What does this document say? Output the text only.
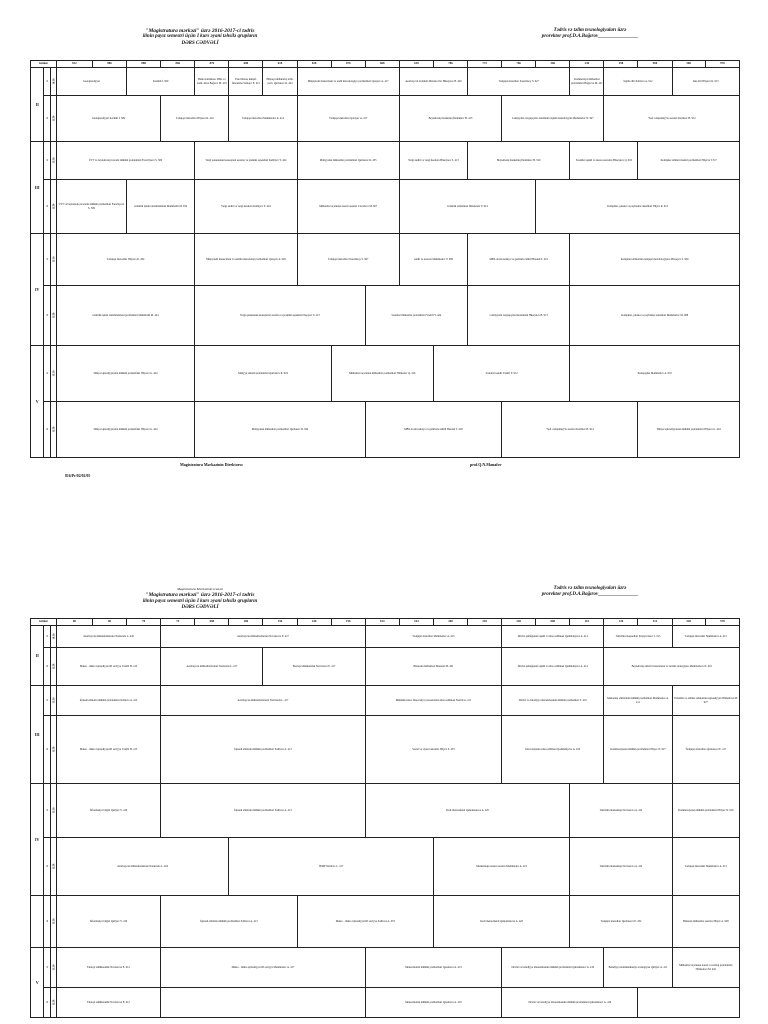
"Magistratura mərkəzi" üzrə 2016-2017-ci tədris
ilinin payız semestri üçün I kurs əyani təhsilə qrupların
DƏRS CƏDVƏLİ
Tədris və təlim texnologiyaları üzrə
prorektor prof.D.A.Bağırov________________
Günlər			812	886	888	866	876	688	618	628	678	668	618	786	772	766	266	230	298	966	568	978
II	1	10.10	Geoiqtisadiyyat		Kərimli İ. 509		Bank statistikası. Biliz və audit. Ahra Bağırov M. 419	Fənd biznes inkişaf. İdarəetmə Sadıqov E. 415	Hüquqi sahibkarlıq arbit. prob. Qurbanov R. 424	Müqayisəli menecment və audit metodologiya problemləri Qarayev A. 417			Azərbaycan tarixinin Muxtarovlar Hüseynov B. 420		Tədqiqat metodları Xəzərlisoy S. 927			Kommersiya mühasibat problemləri Bağırova M. 421	İngilis dili Xəlilova A. 912		Rus dili Əliyeva R. 913	
	2	11.50	Geoiqtisadiyyat Kərimli İ. 509			Tədqiqat metodları Əliyeva R. 419		Tədqiqat metodları Məmmədov A. 414		Tədqiqat metodları Qarayev A. 417			Beynəlxalq marketinq İbrahimov H. 413			Cəmiyyətin vergiqoyma sisteminin təşkili mənsubiyyəti Məmmədov N. 927			"Soft computing"in əsasları Kərimov H. 912			
III	1	13.30	ÜTT və beynəlxalq ticarətin mühüm problemləri Fərəcliyeva S. 509				Vergi qanununun konseptual əsasları və praktiki aspektləri Kəlbiyev Y. 424			Maliyyənin mühasibat problemləri Qurbanov R. 435			Vergi auditi və vergi hesabatı Hüseynov S. 413		Beynəlxalq marketinq İbrahimov H. 916			Sosialist təşkili və insan resursları Hüseynov Q. 916		Kompüter elmləri mənzil problemləri Əliyeva T.517		
	2	11.50	ÜTT və beynəlxalq ticarətin mühüm problemləri Fərəcliyeva S. 509		Gömrük işinin tənzimlənməsi Məmmədli M. 932		Vergi auditi və vergi hesabatı Kəlbiyev Y. 424			Mühasibat uçotunun nəzəri əsasları Cavadova M. 927			Gömrük statistikası İlmanzadə V. 914				Kompüter, şəbəkə və paylanma sistemləri Əliyev R. 912					
IV	1	13.30	Tədqiqat metodları Əliyeva R. 434				Müqayisəli menecment və auditin metodoloji problemləri Qarayev A. 926			Tədqiqat metodları Xəzərlisoy S. 927			Audit və nəzarət Məmmədov V. 909		MBS-də investisiya və gəlirlərin təhlili Həsənli T. 419			Kompüter elmlərinin tədqiqat metodologiyası Mirzəyev S. 930				
	2	11.50	Gömrük işinin tənzimlənməsi problemləri Məmmədli M. 424				Vergi qanununun konseptual əsasları və praktiki aspektləri Paşayev Z. 417					Sosialist mühasibat problemləri Vəzirli Y. 424			Cəmiyyətin vergiqoyma mexanizmi Hüseynov B. 913			Kompüter, şəbəkə və paylanma sistemləri Məmmədov M. 908				
V	1	13.30	Dünya iqtisadiyyatının mühüm problemləri Əliyeva G. 424				Maliyyə sistemi problemləri Qurbanov R. 924				Mühasibat uçotunun mühasibat problemləri Əhmədov Q. 416			Sosialist təşkili Vəzirli Y. 912				Pedaqogika Məmmədov A. 916				
	2	11.50	Dünya iqtisadiyyatının mühüm problemləri Əliyeva G. 424				Maliyyənin mühasibat problemləri Qurbanov R. 924					MBS-də investisiya və gəlirlərin təhlili Həsənli T. 418				"Soft computing"in əsasları Kərimov H. 914				Dünya iqtisadiyyatının mühüm problemləri Əliyeva G. 424		
Magistratura Mərkəzinin Direktoru:	prof.Q.N.Manafov
816/Pr/02/02/05
Magistratura Mərkəzinin icazəsi
"Magistratura mərkəzi" üzrə 2016-2017-ci tədris
ilinin payız semestri üçün I kurs əyani təhsilə qrupların
DƏRS CƏDVƏLİ
Tədris və təlim texnologiyaları üzrə
prorektor prof.D.A.Bağırov________________
Günlər			08	06	78	74	688	186	156	246	196	814	164	208	218	228	008	116	126	512	528	578
II	1	10.10	Azərbaycan mühasibatlarının Nəzirzadə L. 432			Azərbaycan mühasibatlarının Novruzova E. 417						Tədqiqat metodları Məmmədov A. 415				Dövlət qulluğunun təşkili və idarə edilməsi Qədimaliyeva A. 414			Turizmin məqsədləri Şiryiyevlərov İ. 415		Tədqiqat metodları Məmmədov A. 415	
	2	11.50	Makro - mikro iqtisadiyyat III səviyyə Vəzirli H. 412			Azərbaycan mühasibatlarının Nəzirzadə L. 417			Ekoloji təhlükəsizlik Novruzova E. 417			Biznesin mühasibatı Mansuri M. 431				Dövlət qulluğunun təşkili və idarə edilməsi Qədimaliyeva A. 414			Beynəlxalq turizm bazarlarının və turizm strategiyası Məmmədova N. 416			
III	1	13.30	İqtisadi elmlərin mühüm problemləri Xəlilova A. 413			Azərbaycan mühasibatlarının Nəzirzadə L. 417						Mümkün idarə. İnnovasiya proseslərinin idarə edilməsi Nəzirli A. 411				Dövlət və bələdiyyə idarəetməsinin mühüm problemləri Z. 416			Marketinq elmlərinin mühüm problemləri Məmmədov A. 411		Turizmin və xidmət sahələrinin iqtisadiyyatı Əhmədova M. 927	
	2	11.50	Makro - mikro iqtisadiyyat III səviyyə Vəzirli H. 413			İqtisadi elmlərin mühüm problemləri Xəlilova A. 413						Sosial və siyasi təsisatlar Əliyev S. 433				İnnovasiyanın idarə edilməsi Qədimaliyeva A. 433			Kommersiyanın mühüm problemləri Əliyev N. 927		Tədqiqat metodları Qurbanova E. 417	
IV	1	13.30	İnformasiya bilgisi Quliyev V. 416			İqtisadi elmlərin mühüm problemləri Xəlilova A. 413						Kadr menecmenti Qəhrəmanova A. 425						Turizmin marketinqi Novruzova A. 412			Kommersiyanın mühüm problemləri Əliyev N. 916	
	2	11.50	Azərbaycan mühasibatlarının Nəzirzadə L. 416					İEMP Xəlilova C. 417						Marketinqin nəzəri əsasları Məmmədov A. 415				Turizmin marketinqi Novruzova A. 412			Tədqiqat metodları Məmmədov A. 415	
	3	13.30	İnformasiya bilgisi Quliyev V. 416			İqtisadi elmlərin mühüm problemləri Xəlilova A. 413				Makro - mikro iqtisadiyyat III səviyyə Xəlilova A. 433				Kadr menecmenti Qəhrəmanova A. 425				Tədqiqat metodları Qurbanova E. 432			Biznesin mühasibat əsasları Əliyev A. 928	
V	1	13.30	Ekoloji təhlükəsizlik Novruzova E. 412			Makro - mikro iqtisadiyyat III səviyyə Məmmədov A. 417						Menecmentin mühüm problemləri Qasımova A. 413				Dövlət və bələdiyyə idarəetməsinin mühüm problemləri Qəhrəmanov A. 419			Bələdiyyə kommunikasiya strategiyası Quliyev A. 411		Mühasibat uçotunun nəzəri və tətbiqi problemləri Əhmədova M. 416	
	2	11.50	Ekoloji təhlükəsizlik Novruzova E. 412									Menecmentin mühüm problemləri Qasımova A. 419				Dövlət və bələdiyyə idarəetməsinin mühüm problemləri Qəhrəmanov A. 419						
